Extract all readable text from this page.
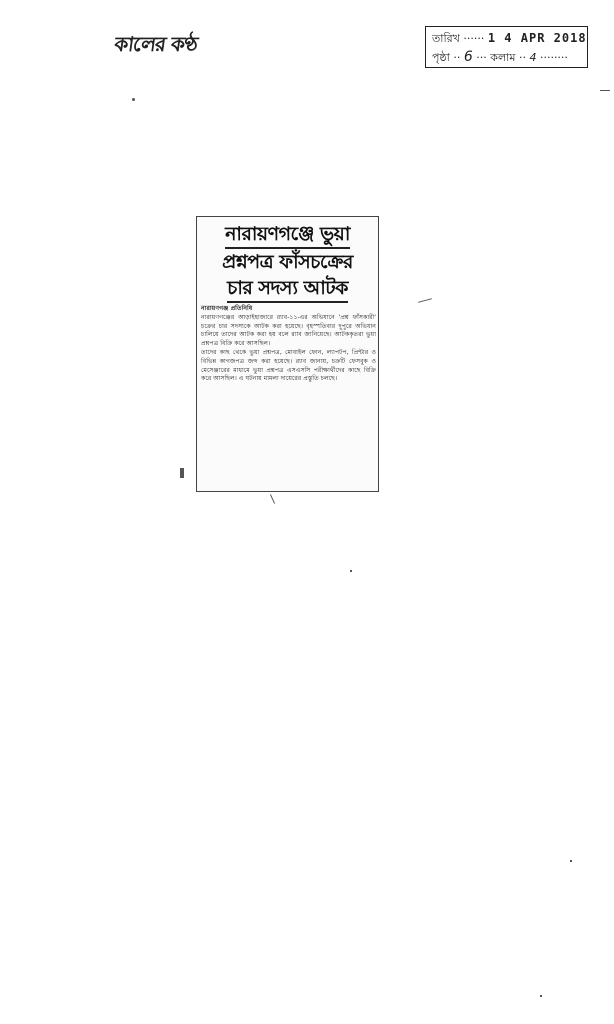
কালের কণ্ঠ	তারিখ ······ 1 4 APR 2018
পৃষ্ঠা ·· 6 ··· কলাম ·· 4 ········
নারায়ণগঞ্জে ভুয়া
প্রশ্নপত্র ফাঁসচক্রের
চার সদস্য আটক
নারায়ণগঞ্জ প্রতিনিধি
নারায়ণগঞ্জের আড়াইহাজারে র‍্যাব-১১-এর অভিযানে 'প্রশ্ন ফাঁসকারী' চক্রের চার সদস্যকে আটক করা হয়েছে। বৃহস্পতিবার দুপুরে অভিযান চালিয়ে তাদের আটক করা হয় বলে র‍্যাব জানিয়েছে। আটককৃতরা ভুয়া প্রশ্নপত্র বিক্রি করে আসছিল।
তাদের কাছ থেকে ভুয়া প্রশ্নপত্র, মোবাইল ফোন, ল্যাপটপ, প্রিন্টার ও বিভিন্ন কাগজপত্র জব্দ করা হয়েছে। র‍্যাব জানায়, চক্রটি ফেসবুক ও মেসেঞ্জারের মাধ্যমে ভুয়া প্রশ্নপত্র এসএসসি পরীক্ষার্থীদের কাছে বিক্রি করে আসছিল। এ ঘটনায় মামলা দায়েরের প্রস্তুতি চলছে।
